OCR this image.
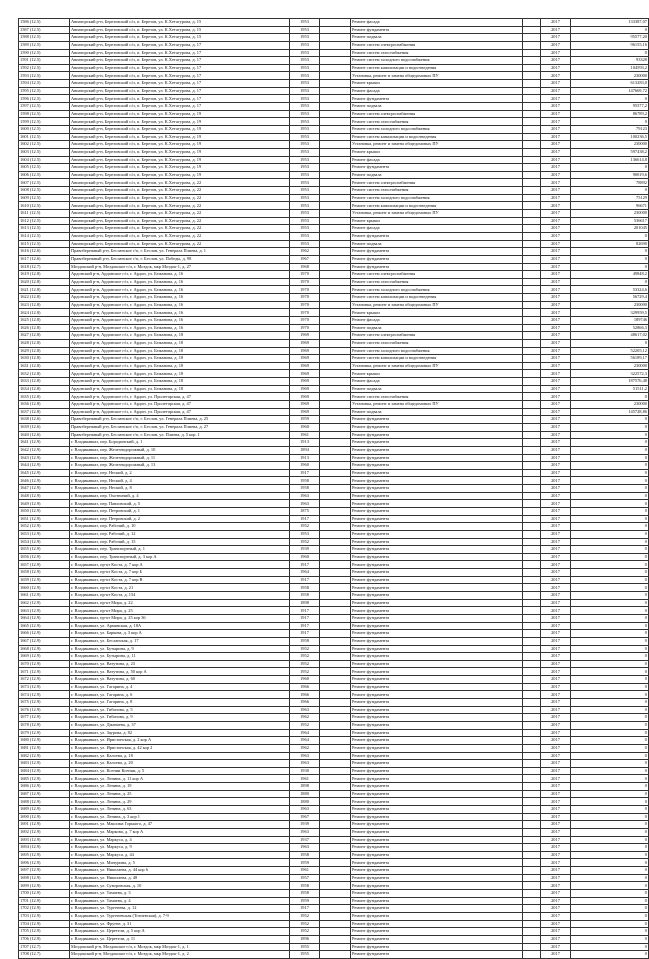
1586 (12.5)	Авиаторский р-н, Березовский с/п, п. Березов, ул. К.Хетагурова, д. 15	1953		Ремонт фасада		2017	133387,07
1587 (12.5)	Авиаторский р-н, Березовский с/п, п. Березов, ул. К.Хетагурова, д. 15	1953		Ремонт фундамента		2017	0
1588 (12.5)	Авиаторский р-н, Березовский с/п, п. Березов, ул. К.Хетагурова, д. 15	1953		Ремонт подвала		2017	95577,20
1589 (12.5)	Авиаторский р-н, Березовский с/п, п. Березов, ул. К.Хетагурова, д. 17	1953		Ремонт систем электроснабжения		2017	96155,16
1590 (12.5)	Авиаторский р-н, Березовский с/п, п. Березов, ул. К.Хетагурова, д. 17	1953		Ремонт систем газоснабжения		2017	0
1591 (12.5)	Авиаторский р-н, Березовский с/п, п. Березов, ул. К.Хетагурова, д. 17	1953		Ремонт систем холодного водоснабжения		2017	93328
1592 (12.5)	Авиаторский р-н, Березовский с/п, п. Березов, ул. К.Хетагурова, д. 17	1953		Ремонт систем канализации и водоотведения		2017	104593,2
1593 (12.5)	Авиаторский р-н, Березовский с/п, п. Березов, ул. К.Хетагурова, д. 17	1953		Установка, ремонт и замена общедомовых ПУ		2017	230000
1594 (12.5)	Авиаторский р-н, Березовский с/п, п. Березов, ул. К.Хетагурова, д. 17	1953		Ремонт крыши		2017	613283,0
1595 (12.5)	Авиаторский р-н, Березовский с/п, п. Березов, ул. К.Хетагурова, д. 17	1953		Ремонт фасада		2017	147669,72
1596 (12.5)	Авиаторский р-н, Березовский с/п, п. Березов, ул. К.Хетагурова, д. 17	1953		Ремонт фундамента		2017	0
1597 (12.5)	Авиаторский р-н, Березовский с/п, п. Березов, ул. К.Хетагурова, д. 17	1953		Ремонт подвала		2017	95577,2
1598 (12.5)	Авиаторский р-н, Березовский с/п, п. Березов, ул. К.Хетагурова, д. 19	1953		Ремонт систем электроснабжения		2017	86789,2
1599 (12.5)	Авиаторский р-н, Березовский с/п, п. Березов, ул. К.Хетагурова, д. 19	1953		Ремонт систем газоснабжения		2017	0
1600 (12.5)	Авиаторский р-н, Березовский с/п, п. Березов, ул. К.Хетагурова, д. 19	1953		Ремонт систем холодного водоснабжения		2017	79123
1601 (12.5)	Авиаторский р-н, Березовский с/п, п. Березов, ул. К.Хетагурова, д. 19	1953		Ремонт систем канализации и водоотведения		2017	100236,5
1602 (12.5)	Авиаторский р-н, Березовский с/п, п. Березов, ул. К.Хетагурова, д. 19	1953		Установка, ремонт и замена общедомовых ПУ		2017	230000
1603 (12.5)	Авиаторский р-н, Березовский с/п, п. Березов, ул. К.Хетагурова, д. 19	1953		Ремонт крыши		2017	597438,2
1604 (12.5)	Авиаторский р-н, Березовский с/п, п. Березов, ул. К.Хетагурова, д. 19	1953		Ремонт фасада		2017	136614,8
1605 (12.5)	Авиаторский р-н, Березовский с/п, п. Березов, ул. К.Хетагурова, д. 19	1953		Ремонт фундамента		2017	0
1606 (12.5)	Авиаторский р-н, Березовский с/п, п. Березов, ул. К.Хетагурова, д. 19	1953		Ремонт подвала		2017	90019,6
1607 (12.5)	Авиаторский р-н, Березовский с/п, п. Березов, ул. К.Хетагурова, д. 22	1953		Ремонт систем электроснабжения		2017	78892
1608 (12.5)	Авиаторский р-н, Березовский с/п, п. Березов, ул. К.Хетагурова, д. 22	1953		Ремонт систем газоснабжения		2017	0
1609 (12.5)	Авиаторский р-н, Березовский с/п, п. Березов, ул. К.Хетагурова, д. 22	1953		Ремонт систем холодного водоснабжения		2017	75129
1610 (12.5)	Авиаторский р-н, Березовский с/п, п. Березов, ул. К.Хетагурова, д. 22	1953		Ремонт систем канализации и водоотведения		2017	96671
1611 (12.5)	Авиаторский р-н, Березовский с/п, п. Березов, ул. К.Хетагурова, д. 22	1953		Установка, ремонт и замена общедомовых ПУ		2017	230000
1612 (12.5)	Авиаторский р-н, Березовский с/п, п. Березов, ул. К.Хетагурова, д. 22	1953		Ремонт крыши		2017	536617
1613 (12.5)	Авиаторский р-н, Березовский с/п, п. Березов, ул. К.Хетагурова, д. 22	1953		Ремонт фасада		2017	201045
1614 (12.5)	Авиаторский р-н, Березовский с/п, п. Березов, ул. К.Хетагурова, д. 22	1953		Ремонт фундамента		2017	0
1615 (12.5)	Авиаторский р-н, Березовский с/п, п. Березов, ул. К.Хетагурова, д. 22	1953		Ремонт подвала		2017	82690
1616 (12.6)	Правобережный р-н, Бесланское г/п, г. Беслан, ул. Генерала Плиева, д. 1	1962		Ремонт фундамента		2017	0
1617 (12.6)	Правобережный р-н, Бесланское г/п, г. Беслан, ул. Победы, д. 98	1967		Ремонт фундамента		2017	0
1618 (12.7)	Моздокский р-н, Моздокское г/п, г. Моздок, мкр Моздок-1, д. 27	1968		Ремонт фундамента		2017	0
1619 (12.8)	Ардонский р-н, Ардонское г/п, г. Ардон, ул. Бежанова, д. 16	1970		Ремонт систем электроснабжения		2017	49848,2
1620 (12.8)	Ардонский р-н, Ардонское г/п, г. Ардон, ул. Бежанова, д. 16	1970		Ремонт систем газоснабжения		2017	0
1621 (12.8)	Ардонский р-н, Ардонское г/п, г. Ардон, ул. Бежанова, д. 16	1970		Ремонт систем холодного водоснабжения		2017	53324,6
1622 (12.8)	Ардонский р-н, Ардонское г/п, г. Ардон, ул. Бежанова, д. 16	1970		Ремонт систем канализации и водоотведения		2017	56729,4
1623 (12.8)	Ардонский р-н, Ардонское г/п, г. Ардон, ул. Бежанова, д. 16	1970		Установка, ремонт и замена общедомовых ПУ		2017	230000
1624 (12.8)	Ардонский р-н, Ардонское г/п, г. Ардон, ул. Бежанова, д. 16	1970		Ремонт крыши		2017	329959,5
1625 (12.8)	Ардонский р-н, Ардонское г/п, г. Ардон, ул. Бежанова, д. 16	1970		Ремонт фасада		2017	189746
1626 (12.8)	Ардонский р-н, Ардонское г/п, г. Ардон, ул. Бежанова, д. 16	1970		Ремонт подвала		2017	52866,3
1627 (12.8)	Ардонский р-н, Ардонское г/п, г. Ардон, ул. Бежанова, д. 18	1969		Ремонт систем электроснабжения		2017	48617,02
1628 (12.8)	Ардонский р-н, Ардонское г/п, г. Ардон, ул. Бежанова, д. 18	1969		Ремонт систем газоснабжения		2017	0
1629 (12.8)	Ардонский р-н, Ардонское г/п, г. Ардон, ул. Бежанова, д. 18	1969		Ремонт систем холодного водоснабжения		2017	52205,12
1630 (12.8)	Ардонский р-н, Ардонское г/п, г. Ардон, ул. Бежанова, д. 18	1969		Ремонт систем канализации и водоотведения		2017	56189,17
1631 (12.8)	Ардонский р-н, Ардонское г/п, г. Ардон, ул. Бежанова, д. 18	1969		Установка, ремонт и замена общедомовых ПУ		2017	230000
1632 (12.8)	Ардонский р-н, Ардонское г/п, г. Ардон, ул. Бежанова, д. 18	1969		Ремонт крыши		2017	322572,3
1633 (12.8)	Ардонский р-н, Ардонское г/п, г. Ардон, ул. Бежанова, д. 18	1969		Ремонт фасада		2017	187576,48
1634 (12.8)	Ардонский р-н, Ардонское г/п, г. Ардон, ул. Бежанова, д. 18	1969		Ремонт подвала		2017	51511,2
1635 (12.8)	Ардонский р-н, Ардонское г/п, г. Ардон, ул. Пролетарская, д. 47	1969		Ремонт систем газоснабжения		2017	0
1636 (12.8)	Ардонский р-н, Ардонское г/п, г. Ардон, ул. Пролетарская, д. 47	1969		Установка, ремонт и замена общедомовых ПУ		2017	230000
1637 (12.8)	Ардонский р-н, Ардонское г/п, г. Ардон, ул. Пролетарская, д. 47	1969		Ремонт подвала		2017	145728,86
1638 (12.6)	Правобережный р-н, Бесланское г/п, г. Беслан, ул. Генерала Плиева, д. 25	1959		Ремонт фундамента		2017	0
1639 (12.6)	Правобережный р-н, Бесланское г/п, г. Беслан, ул. Генерала Плиева, д. 27	1960		Ремонт фундамента		2017	0
1640 (12.6)	Правобережный р-н, Бесланское г/п, г. Беслан, ул. Плиева, д. 5 кор. 1	1961		Ремонт фундамента		2017	0
1641 (12.9)	г. Владикавказ, пер. Бородинский, д. 1	1913		Ремонт фундамента		2017	0
1642 (12.9)	г. Владикавказ, пер. Железнодорожный, д. 10	1894		Ремонт фундамента		2017	0
1643 (12.9)	г. Владикавказ, пер. Железнодорожный, д. 11	1913		Ремонт фундамента		2017	0
1644 (12.9)	г. Владикавказ, пер. Железнодорожный, д. 13	1960		Ремонт фундамента		2017	0
1645 (12.9)	г. Владикавказ, пер. Неский, д. 2	1917		Ремонт фундамента		2017	0
1646 (12.9)	г. Владикавказ, пер. Неский, д. 4	1958		Ремонт фундамента		2017	0
1647 (12.9)	г. Владикавказ, пер. Неский, д. 8	1958		Ремонт фундамента		2017	0
1648 (12.9)	г. Владикавказ, пер. Охотничий, д. 4	1963		Ремонт фундамента		2017	0
1649 (12.9)	г. Владикавказ, пер. Павловский, д. 5	1963		Ремонт фундамента		2017	0
1650 (12.9)	г. Владикавказ, пер. Петровский, д. 1	1875		Ремонт фундамента		2017	0
1651 (12.9)	г. Владикавказ, пер. Петровский, д. 2	1917		Ремонт фундамента		2017	0
1652 (12.9)	г. Владикавказ, пер. Рабочий, д. 10	1952		Ремонт фундамента		2017	0
1653 (12.9)	г. Владикавказ, пер. Рабочий, д. 12	1953		Ремонт фундамента		2017	0
1654 (12.9)	г. Владикавказ, пер. Рабочий, д. 15	1952		Ремонт фундамента		2017	0
1655 (12.9)	г. Владикавказ, пер. Транспортный, д. 1	1939		Ремонт фундамента		2017	0
1656 (12.9)	г. Владикавказ, пер. Транспортный, д. 3 кор А	1960		Ремонт фундамента		2017	0
1657 (12.9)	г. Владикавказ, пр-кт Коста, д. 7 кор А	1917		Ремонт фундамента		2017	0
1658 (12.9)	г. Владикавказ, пр-кт Коста, д. 7 кор Б	1964		Ремонт фундамента		2017	0
1659 (12.9)	г. Владикавказ, пр-кт Коста, д. 7 кор В	1917		Ремонт фундамента		2017	0
1660 (12.9)	г. Владикавказ, пр-кт Коста, д. 21	1958		Ремонт фундамента		2017	0
1661 (12.9)	г. Владикавказ, пр-кт Коста, д. 154	1958		Ремонт фундамента		2017	0
1662 (12.9)	г. Владикавказ, пр-кт Мира, д. 22	1898		Ремонт фундамента		2017	0
1663 (12.9)	г. Владикавказ, пр-кт Мира, д. 25	1917		Ремонт фундамента		2017	0
1664 (12.9)	г. Владикавказ, пр-кт Мира, д. 25 кор 36	1917		Ремонт фундамента		2017	0
1665 (12.9)	г. Владикавказ, ул. Армянская, д. 18А	1917		Ремонт фундамента		2017	0
1666 (12.9)	г. Владикавказ, ул. Баркова, д. 3 кор А	1917		Ремонт фундамента		2017	0
1667 (12.9)	г. Владикавказ, ул. Бесланская, д. 17	1958		Ремонт фундамента		2017	0
1668 (12.9)	г. Владикавказ, ул. Бутырина, д. 9	1952		Ремонт фундамента		2017	0
1669 (12.9)	г. Владикавказ, ул. Бутырина, д. 11	1952		Ремонт фундамента		2017	0
1670 (12.9)	г. Владикавказ, ул. Ватутина, д. 23	1952		Ремонт фундамента		2017	0
1671 (12.9)	г. Владикавказ, ул. Ватутина, д. 50 кор А	1952		Ремонт фундамента		2017	0
1672 (12.9)	г. Владикавказ, ул. Ватутина, д. 60	1960		Ремонт фундамента		2017	0
1673 (12.9)	г. Владикавказ, ул. Гагарина, д. 4	1966		Ремонт фундамента		2017	0
1674 (12.9)	г. Владикавказ, ул. Гагарина, д. 6	1966		Ремонт фундамента		2017	0
1675 (12.9)	г. Владикавказ, ул. Гагарина, д. 8	1966		Ремонт фундамента		2017	0
1676 (12.9)	г. Владикавказ, ул. Гибизова, д. 5	1963		Ремонт фундамента		2017	0
1677 (12.9)	г. Владикавказ, ул. Гибизова, д. 9	1962		Ремонт фундамента		2017	0
1678 (12.9)	г. Владикавказ, ул. Джанаева, д. 37	1952		Ремонт фундамента		2017	0
1679 (12.9)	г. Владикавказ, ул. Заурова, д. 82	1964		Ремонт фундамента		2017	0
1680 (12.9)	г. Владикавказ, ул. Иристонская, д. 2 кор А	1964		Ремонт фундамента		2017	0
1681 (12.9)	г. Владикавказ, ул. Иристонская, д. 42 кор 2	1962		Ремонт фундамента		2017	0
1682 (12.9)	г. Владикавказ, ул. Калоева, д. 18	1963		Ремонт фундамента		2017	0
1683 (12.9)	г. Владикавказ, ул. Калоева, д. 20	1963		Ремонт фундамента		2017	0
1684 (12.9)	г. Владикавказ, ул. Ксении Ксении, д. 5	1930		Ремонт фундамента		2017	0
1685 (12.9)	г. Владикавказ, ул. Ленина, д. 11 кор А	1961		Ремонт фундамента		2017	0
1686 (12.9)	г. Владикавказ, ул. Ленина, д. 19	1898		Ремонт фундамента		2017	0
1687 (12.9)	г. Владикавказ, ул. Ленина, д. 25	1880		Ремонт фундамента		2017	0
1688 (12.9)	г. Владикавказ, ул. Ленина, д. 29	1880		Ремонт фундамента		2017	0
1689 (12.9)	г. Владикавказ, ул. Ленина, д. 63	1963		Ремонт фундамента		2017	0
1690 (12.9)	г. Владикавказ, ул. Ленина, д. 3 кор 1	1967		Ремонт фундамента		2017	0
1691 (12.9)	г. Владикавказ, ул. Максима Горького, д. 47	1939		Ремонт фундамента		2017	0
1692 (12.9)	г. Владикавказ, ул. Маркова, д. 7 кор А	1963		Ремонт фундамента		2017	0
1693 (12.9)	г. Владикавказ, ул. Маркуса, д. 4	1937		Ремонт фундамента		2017	0
1694 (12.9)	г. Владикавказ, ул. Маркуса, д. 9	1963		Ремонт фундамента		2017	0
1695 (12.9)	г. Владикавказ, ул. Маркуса, д. 44	1958		Ремонт фундамента		2017	0
1696 (12.9)	г. Владикавказ, ул. Мичурина, д. 5	1959		Ремонт фундамента		2017	0
1697 (12.9)	г. Владикавказ, ул. Николаева, д. 44 кор 6	1961		Ремонт фундамента		2017	0
1698 (12.9)	г. Владикавказ, ул. Николаева, д. 48	1957		Ремонт фундамента		2017	0
1699 (12.9)	г. Владикавказ, ул. Суворовская, д. 10	1958		Ремонт фундамента		2017	0
1700 (12.9)	г. Владикавказ, ул. Тамаева, д. 3	1958		Ремонт фундамента		2017	0
1701 (12.9)	г. Владикавказ, ул. Тамаева, д. 4	1959		Ремонт фундамента		2017	0
1702 (12.9)	г. Владикавказ, ул. Тургенева, д. 12	1917		Ремонт фундамента		2017	0
1703 (12.9)	г. Владикавказ, ул. Тургеневская (Тотиевская), д. 7-9	1952		Ремонт фундамента		2017	0
1704 (12.9)	г. Владикавказ, ул. Фрунзе, д. 31	1952		Ремонт фундамента		2017	0
1705 (12.9)	г. Владикавказ, ул. Церетели, д. 5 кор А	1952		Ремонт фундамента		2017	0
1706 (12.9)	г. Владикавказ, ул. Церетели, д. 11	1896		Ремонт фундамента		2017	0
1707 (12.7)	Моздокский р-н, Моздокское г/п, г. Моздок, мкр Моздок-1, д. 1	1955		Ремонт фундамента		2017	0
1708 (12.7)	Моздокский р-н, Моздокское г/п, г. Моздок, мкр Моздок-1, д. 2	1955		Ремонт фундамента		2017	0
